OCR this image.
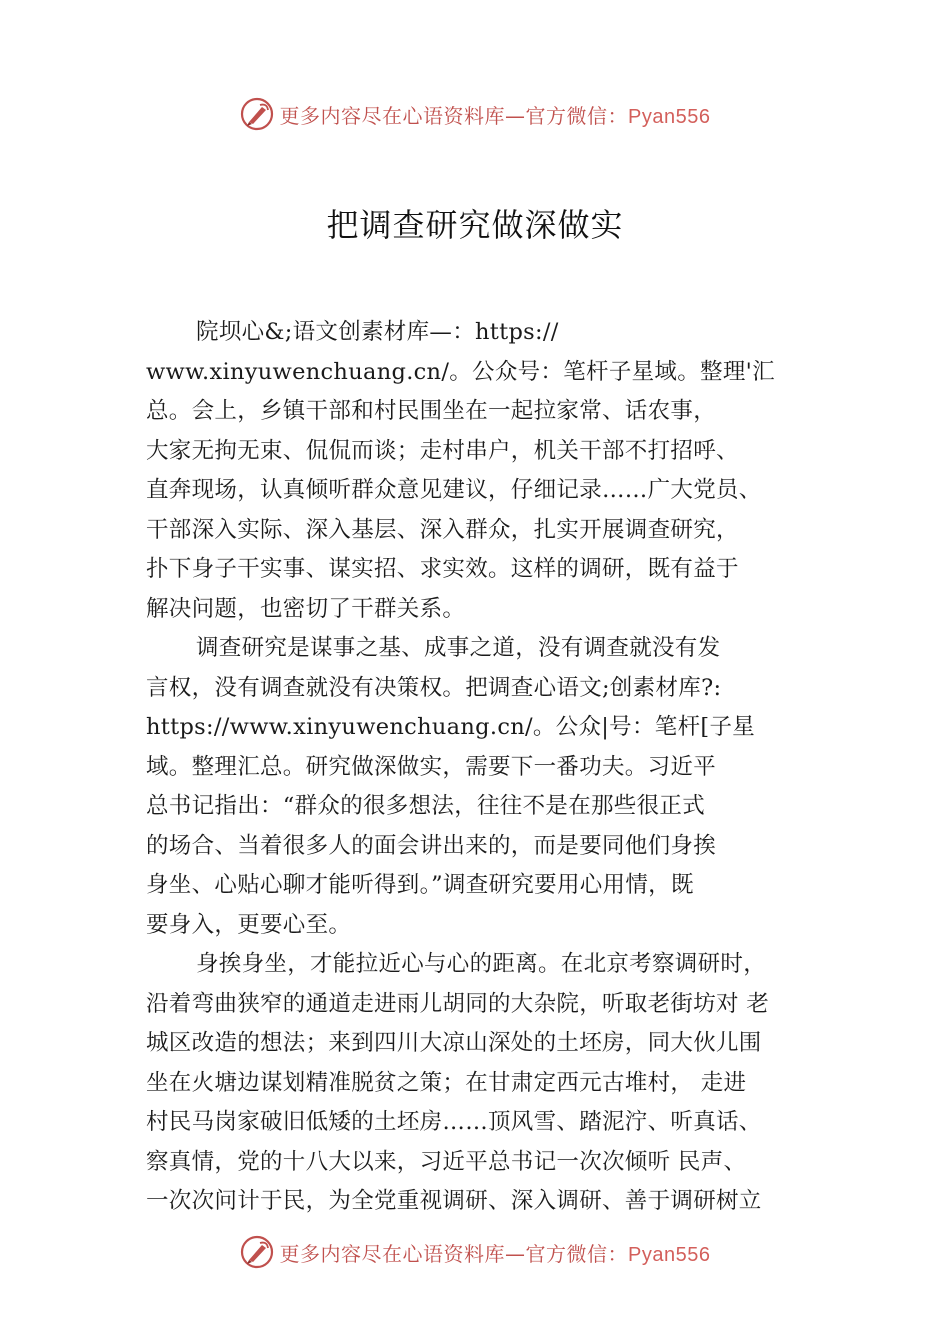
更多内容尽在心语资料库—官方微信：Pyan556
把调查研究做深做实
院坝心&;语文创素材库—：https://
www.xinyuwenchuang.cn/。公众号：笔杆子星域。整理'汇
总。会上，乡镇干部和村民围坐在一起拉家常、话农事，
大家无拘无束、侃侃而谈；走村串户，机关干部不打招呼、
直奔现场，认真倾听群众意见建议，仔细记录……广大党员、
干部深入实际、深入基层、深入群众，扎实开展调查研究，
扑下身子干实事、谋实招、求实效。这样的调研，既有益于
解决问题，也密切了干群关系。
调查研究是谋事之基、成事之道，没有调查就没有发
言权，没有调查就没有决策权。把调查心语文;创素材库?:
https://www.xinyuwenchuang.cn/。公众|号：笔杆[子星
域。整理汇总。研究做深做实，需要下一番功夫。习近平
总书记指出：“群众的很多想法，往往不是在那些很正式
的场合、当着很多人的面会讲出来的，而是要同他们身挨
身坐、心贴心聊才能听得到。”调查研究要用心用情，既
要身入，更要心至。
身挨身坐，才能拉近心与心的距离。在北京考察调研时，
沿着弯曲狭窄的通道走进雨儿胡同的大杂院，听取老街坊对 老
城区改造的想法；来到四川大凉山深处的土坯房，同大伙儿围
坐在火塘边谋划精准脱贫之策；在甘肃定西元古堆村， 走进
村民马岗家破旧低矮的土坯房……顶风雪、踏泥泞、听真话、
察真情，党的十八大以来，习近平总书记一次次倾听 民声、
一次次问计于民，为全党重视调研、深入调研、善于调研树立
更多内容尽在心语资料库—官方微信：Pyan556
